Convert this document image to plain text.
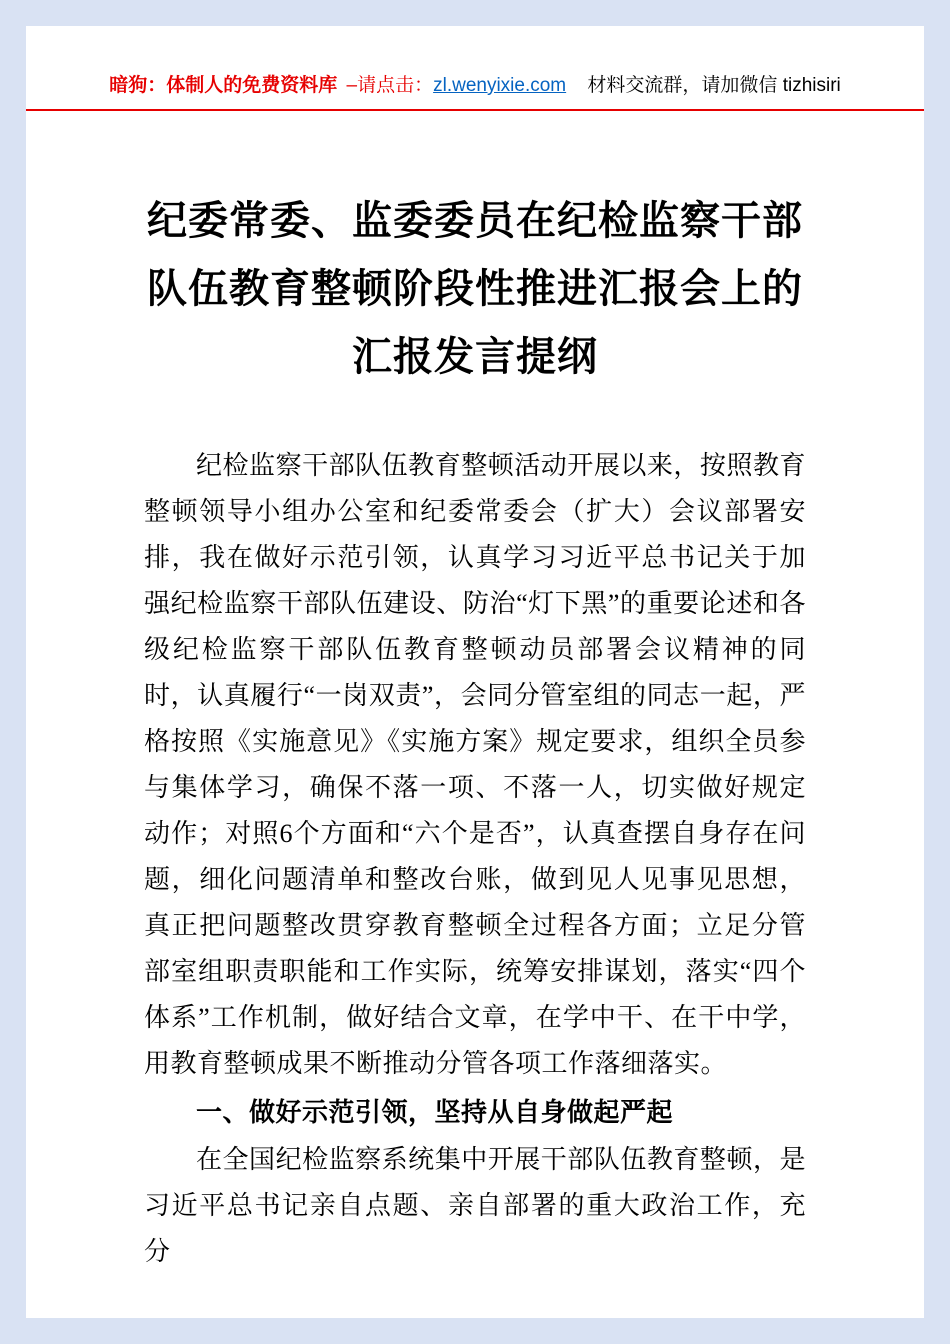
暗狗：体制人的免费资料库 –请点击：zl.wenyixie.com 材料交流群，请加微信 tizhisiri
纪委常委、监委委员在纪检监察干部队伍教育整顿阶段性推进汇报会上的汇报发言提纲

纪检监察干部队伍教育整顿活动开展以来，按照教育整顿领导小组办公室和纪委常委会（扩大）会议部署安排，我在做好示范引领，认真学习习近平总书记关于加强纪检监察干部队伍建设、防治“灯下黑”的重要论述和各级纪检监察干部队伍教育整顿动员部署会议精神的同时，认真履行“一岗双责”，会同分管室组的同志一起，严格按照《实施意见》《实施方案》规定要求，组织全员参与集体学习，确保不落一项、不落一人，切实做好规定动作；对照6个方面和“六个是否”，认真查摆自身存在问题，细化问题清单和整改台账，做到见人见事见思想，真正把问题整改贯穿教育整顿全过程各方面；立足分管部室组职责职能和工作实际，统筹安排谋划，落实“四个体系”工作机制，做好结合文章，在学中干、在干中学，用教育整顿成果不断推动分管各项工作落细落实。

一、做好示范引领，坚持从自身做起严起

在全国纪检监察系统集中开展干部队伍教育整顿，是习近平总书记亲自点题、亲自部署的重大政治工作，充分
